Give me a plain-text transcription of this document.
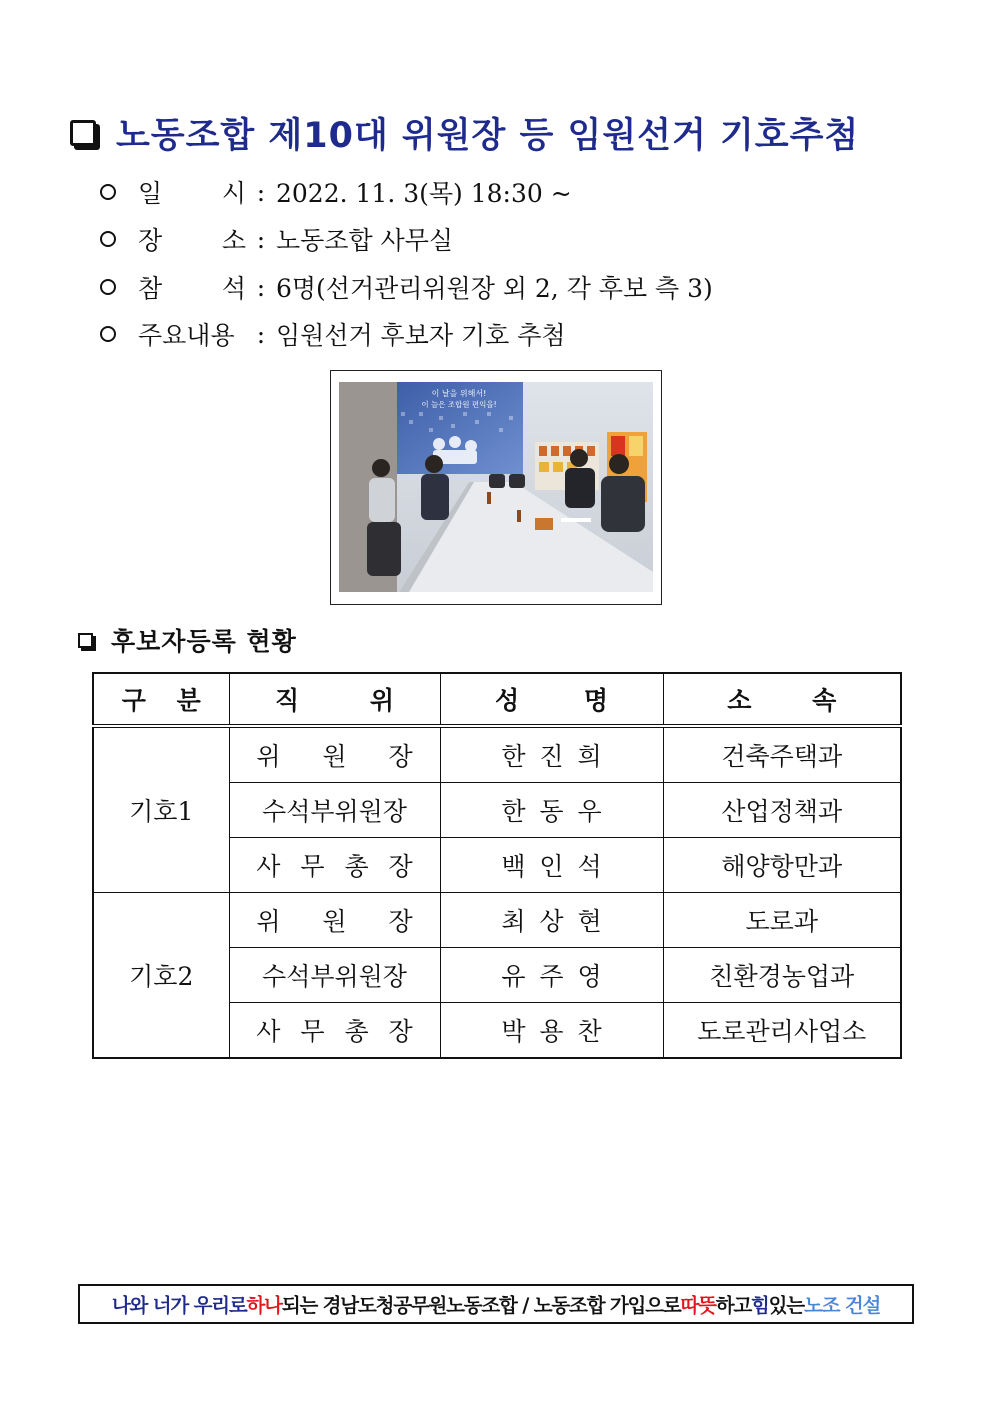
노동조합 제10대 위원장 등 임원선거 기호추첨
일 시 : 2022. 11. 3(목) 18:30 ~
장 소 : 노동조합 사무실
참 석 : 6명(선거관리위원장 외 2, 각 후보 측 3)
주요내용 : 임원선거 후보자 기호 추첨
이 날을 위해서!
이 늘은 조합원 편익을!
후보자등록 현황
구 분	직 위	성 명	소 속
기호1	위 원 장	한 진 희	건축주택과
	수석부위원장	한 동 우	산업정책과
	사 무 총 장	백 인 석	해양항만과
기호2	위 원 장	최 상 현	도로과
	수석부위원장	유 주 영	친환경농업과
	사 무 총 장	박 용 찬	도로관리사업소
나와 너가 우리로 하나 되는 경남도청공무원노동조합 / 노동조합 가입으로 따뜻 하고 힘 있는 노조 건설
